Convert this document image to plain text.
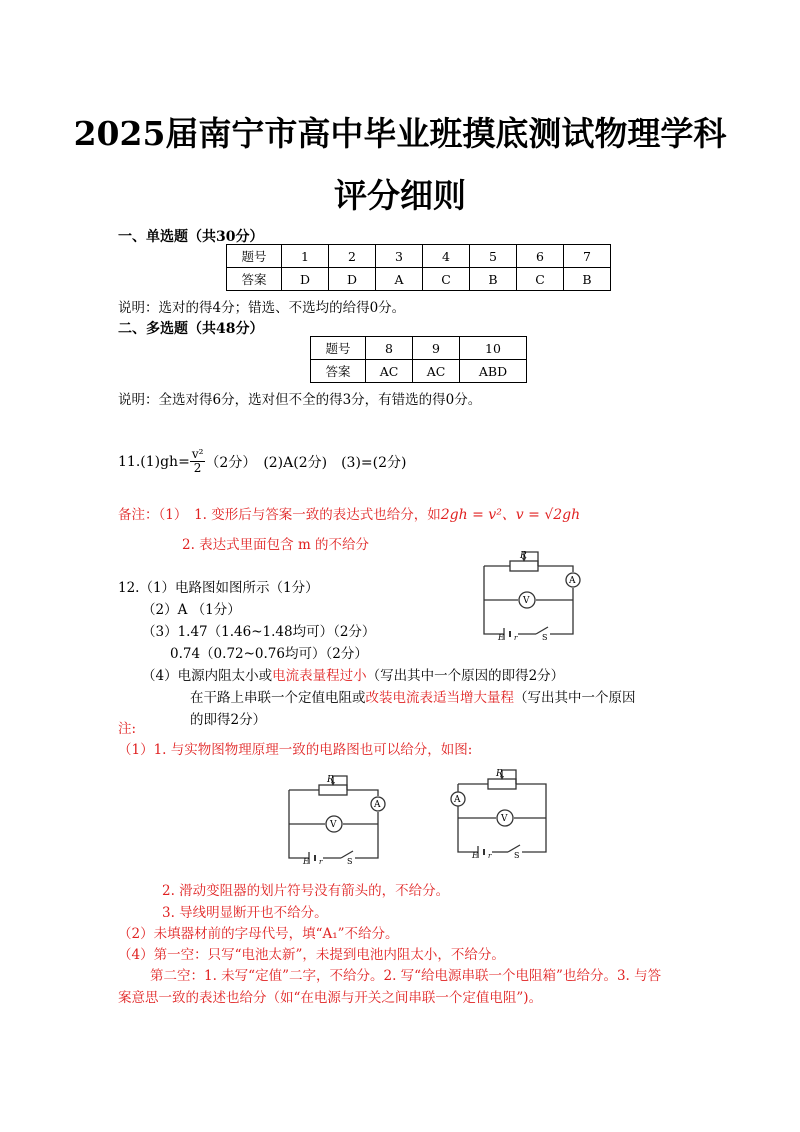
2025届南宁市高中毕业班摸底测试物理学科
评分细则
一、单选题（共30分）
题号	1	2	3	4	5	6	7
答案	D	D	A	C	B	C	B
说明：选对的得4分；错选、不选均的给得0分。
二、多选题（共48分）
题号	8	9	10
答案	AC	AC	ABD
说明：全选对得6分，选对但不全的得3分，有错选的得0分。
$11.(1)gh= \frac{\text{v²}}{2} (2$分）　(2)A(2分)　(3)=(2分)
备注：（1）　1. 变形后与答案一致的表达式也给分，如2gh = v²、v = √2gh
2. 表达式里面包含 m 的不给分
12.（1）电路图如图所示（1分）
（2）A （1分）
（3）1.47（1.46~1.48均可）（2分）
0.74（0.72~0.76均可）（2分）
（4）电源内阻太小或电流表量程过小（写出其中一个原因的即得2分）
在干路上串联一个定值电阻或改装电流表适当增大量程（写出其中一个原因
的即得2分）
R
A
V
E r	S
注:
（1）1. 与实物图物理原理一致的电路图也可以给分，如图:
R
A
V
E r	S
R
A
V
E r	S
2. 滑动变阻器的划片符号没有箭头的，不给分。
3. 导线明显断开也不给分。
（2）未填器材前的字母代号，填“A₁”不给分。
（4）第一空：只写“电池太新”，未提到电池内阻太小，不给分。
第二空：1. 未写“定值”二字，不给分。2. 写“给电源串联一个电阻箱”也给分。3. 与答
案意思一致的表述也给分（如“在电源与开关之间串联一个定值电阻”)。
